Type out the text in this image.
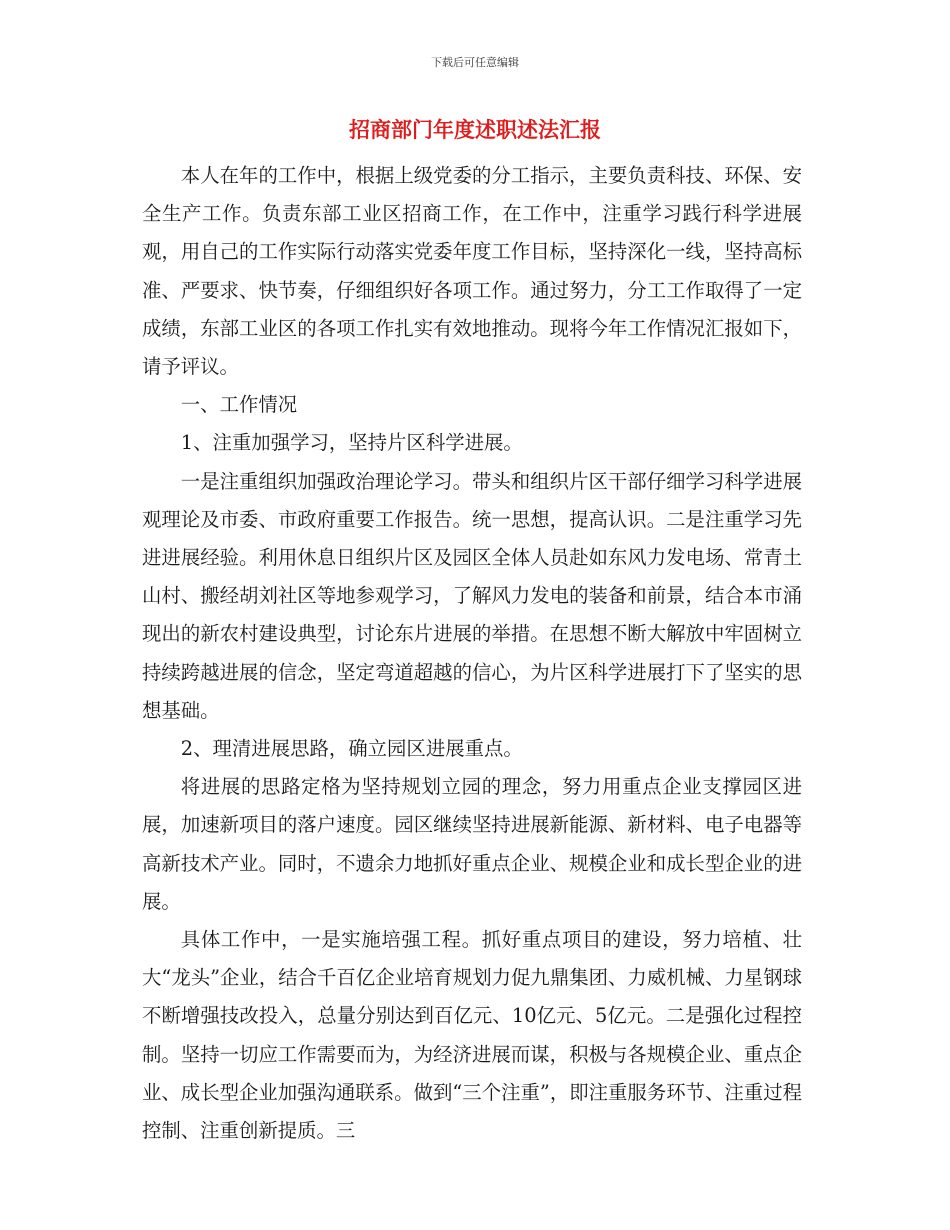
下载后可任意编辑
招商部门年度述职述法汇报

本人在年的工作中，根据上级党委的分工指示，主要负责科技、环保、安全生产工作。负责东部工业区招商工作，在工作中，注重学习践行科学进展观，用自己的工作实际行动落实党委年度工作目标，坚持深化一线，坚持高标准、严要求、快节奏，仔细组织好各项工作。通过努力，分工工作取得了一定成绩，东部工业区的各项工作扎实有效地推动。现将今年工作情况汇报如下，请予评议。

一、工作情况

1、注重加强学习，坚持片区科学进展。

一是注重组织加强政治理论学习。带头和组织片区干部仔细学习科学进展观理论及市委、市政府重要工作报告。统一思想，提高认识。二是注重学习先进进展经验。利用休息日组织片区及园区全体人员赴如东风力发电场、常青土山村、搬经胡刘社区等地参观学习，了解风力发电的装备和前景，结合本市涌现出的新农村建设典型，讨论东片进展的举措。在思想不断大解放中牢固树立持续跨越进展的信念，坚定弯道超越的信心，为片区科学进展打下了坚实的思想基础。

2、理清进展思路，确立园区进展重点。

将进展的思路定格为坚持规划立园的理念，努力用重点企业支撑园区进展，加速新项目的落户速度。园区继续坚持进展新能源、新材料、电子电器等高新技术产业。同时，不遗余力地抓好重点企业、规模企业和成长型企业的进展。

具体工作中，一是实施培强工程。抓好重点项目的建设，努力培植、壮大“龙头”企业，结合千百亿企业培育规划力促九鼎集团、力威机械、力星钢球不断增强技改投入，总量分别达到百亿元、10亿元、5亿元。二是强化过程控制。坚持一切应工作需要而为，为经济进展而谋，积极与各规模企业、重点企业、成长型企业加强沟通联系。做到“三个注重”，即注重服务环节、注重过程控制、注重创新提质。三
